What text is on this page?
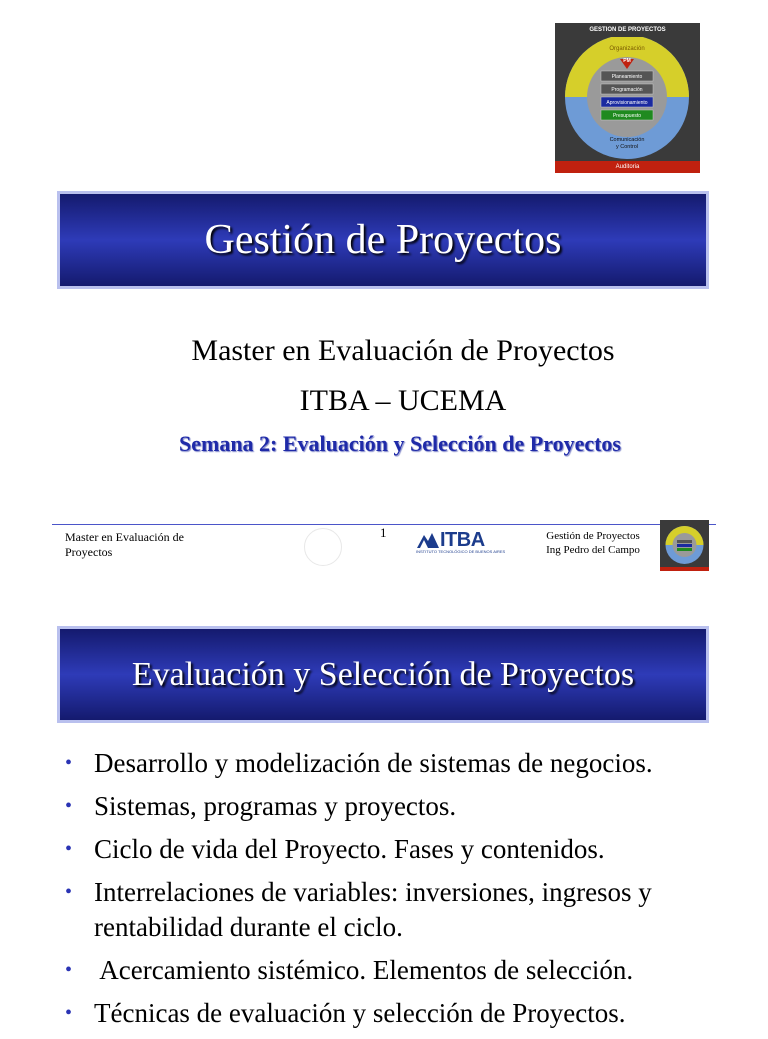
GESTION DE PROYECTOS
Organización
PM
Planeamiento
Programación
Aprovisionamiento
Presupuesto
Comunicación
y Control
Auditoria
Gestión de Proyectos
Master en Evaluación de Proyectos
ITBA – UCEMA
Semana 2: Evaluación y Selección de Proyectos
Master en Evaluación de
Proyectos
1	ITBA
INSTITUTO TECNOLÓGICO DE BUENOS AIRES
Gestión de Proyectos
Ing Pedro del Campo
Evaluación y Selección de Proyectos
• Desarrollo y modelización de sistemas de negocios.
• Sistemas, programas y proyectos.
• Ciclo de vida del Proyecto. Fases y contenidos.
• Interrelaciones de variables: inversiones, ingresos y rentabilidad durante el ciclo.
• Acercamiento sistémico. Elementos de selección.
• Técnicas de evaluación y selección de Proyectos.
